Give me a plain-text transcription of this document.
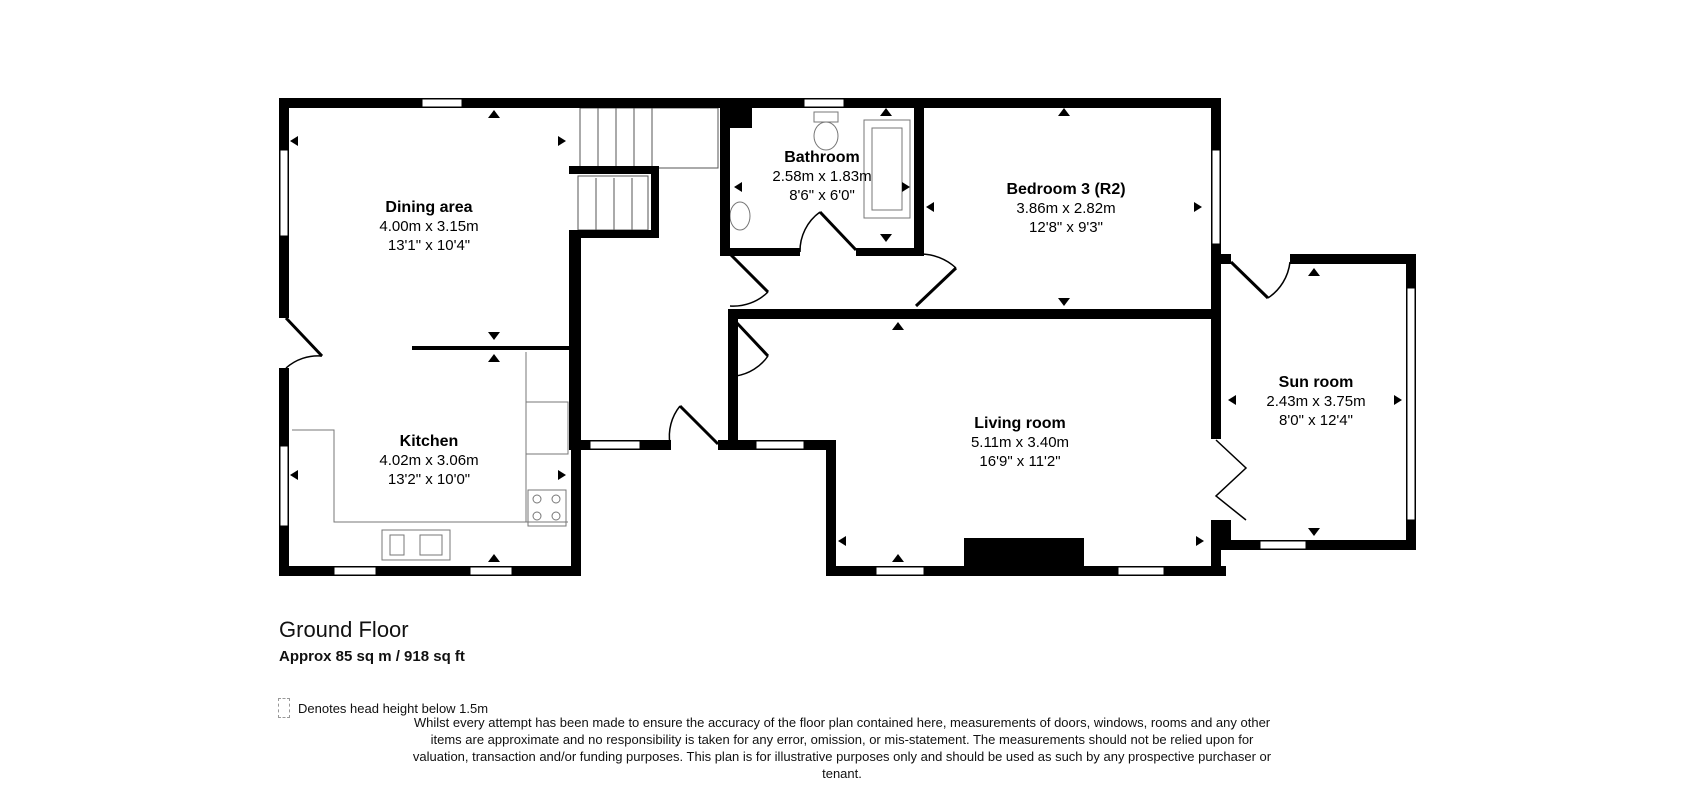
Dining area
4.00m x 3.15m
13'1" x 10'4"
Kitchen
4.02m x 3.06m
13'2" x 10'0"
Bathroom
2.58m x 1.83m
8'6" x 6'0"	Bedroom 3 (R2)
3.86m x 2.82m
12'8" x 9'3"
Living room
5.11m x 3.40m
16'9" x 11'2"
Sun room
2.43m x 3.75m
8'0" x 12'4"
Ground Floor
Approx 85 sq m / 918 sq ft
Denotes head height below 1.5m
Whilst every attempt has been made to ensure the accuracy of the floor plan contained here, measurements of doors, windows, rooms and any other items are approximate and no responsibility is taken for any error, omission, or mis-statement. The measurements should not be relied upon for valuation, transaction and/or funding purposes. This plan is for illustrative purposes only and should be used as such by any prospective purchaser or tenant.
